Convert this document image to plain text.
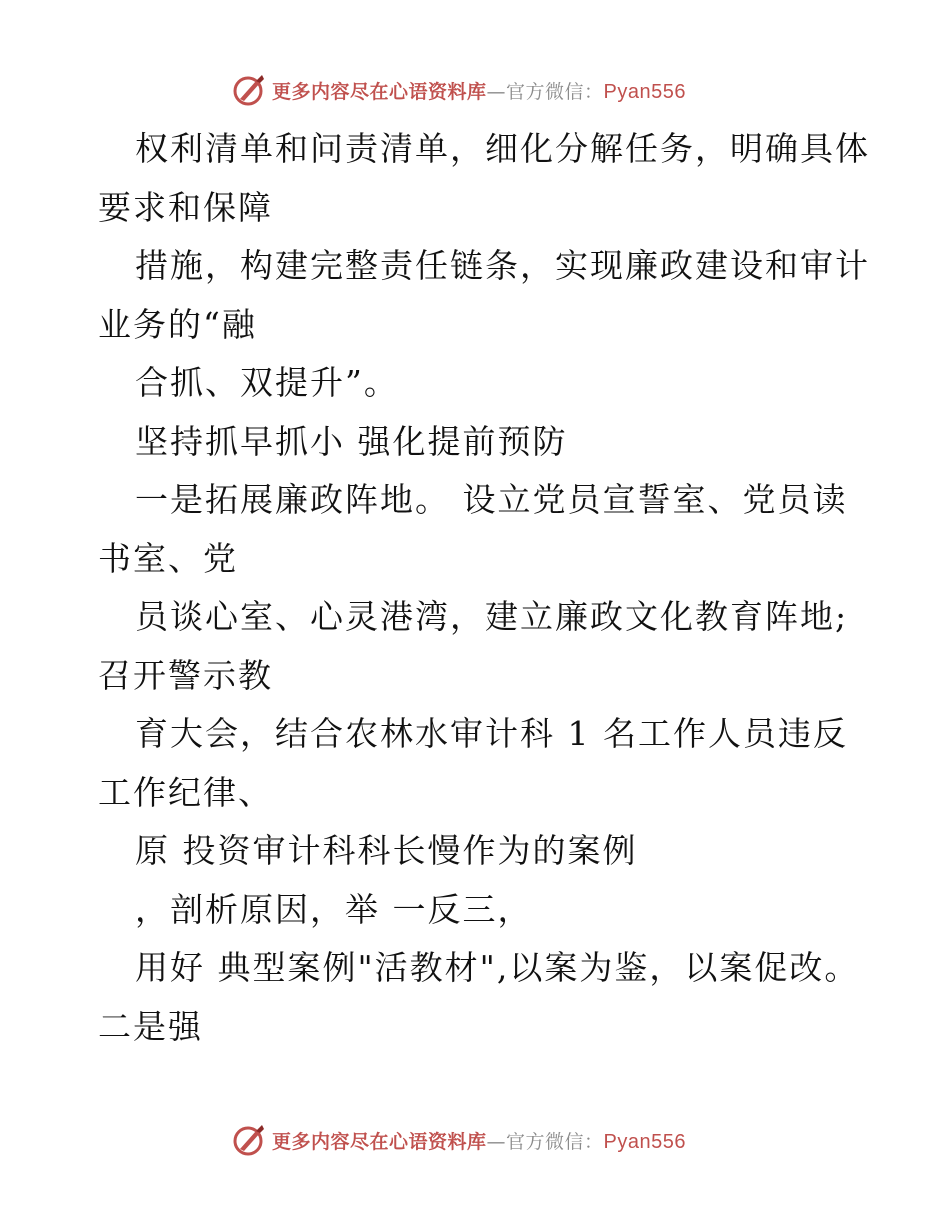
更多内容尽在心语资料库—官方微信：Pyan556
权利清单和问责清单，细化分解任务，明确具体
要求和保障
措施，构建完整责任链条，实现廉政建设和审计
业务的“融
合抓、双提升”。
坚持抓早抓小 强化提前预防
一是拓展廉政阵地。 设立党员宣誓室、党员读
书室、党
员谈心室、心灵港湾，建立廉政文化教育阵地;
召开警示教
育大会，结合农林水审计科 1 名工作人员违反
工作纪律、
原 投资审计科科长慢作为的案例
，剖析原因，举 一反三，
用好 典型案例"活教材",以案为鉴，以案促改。
二是强
更多内容尽在心语资料库—官方微信：Pyan556
